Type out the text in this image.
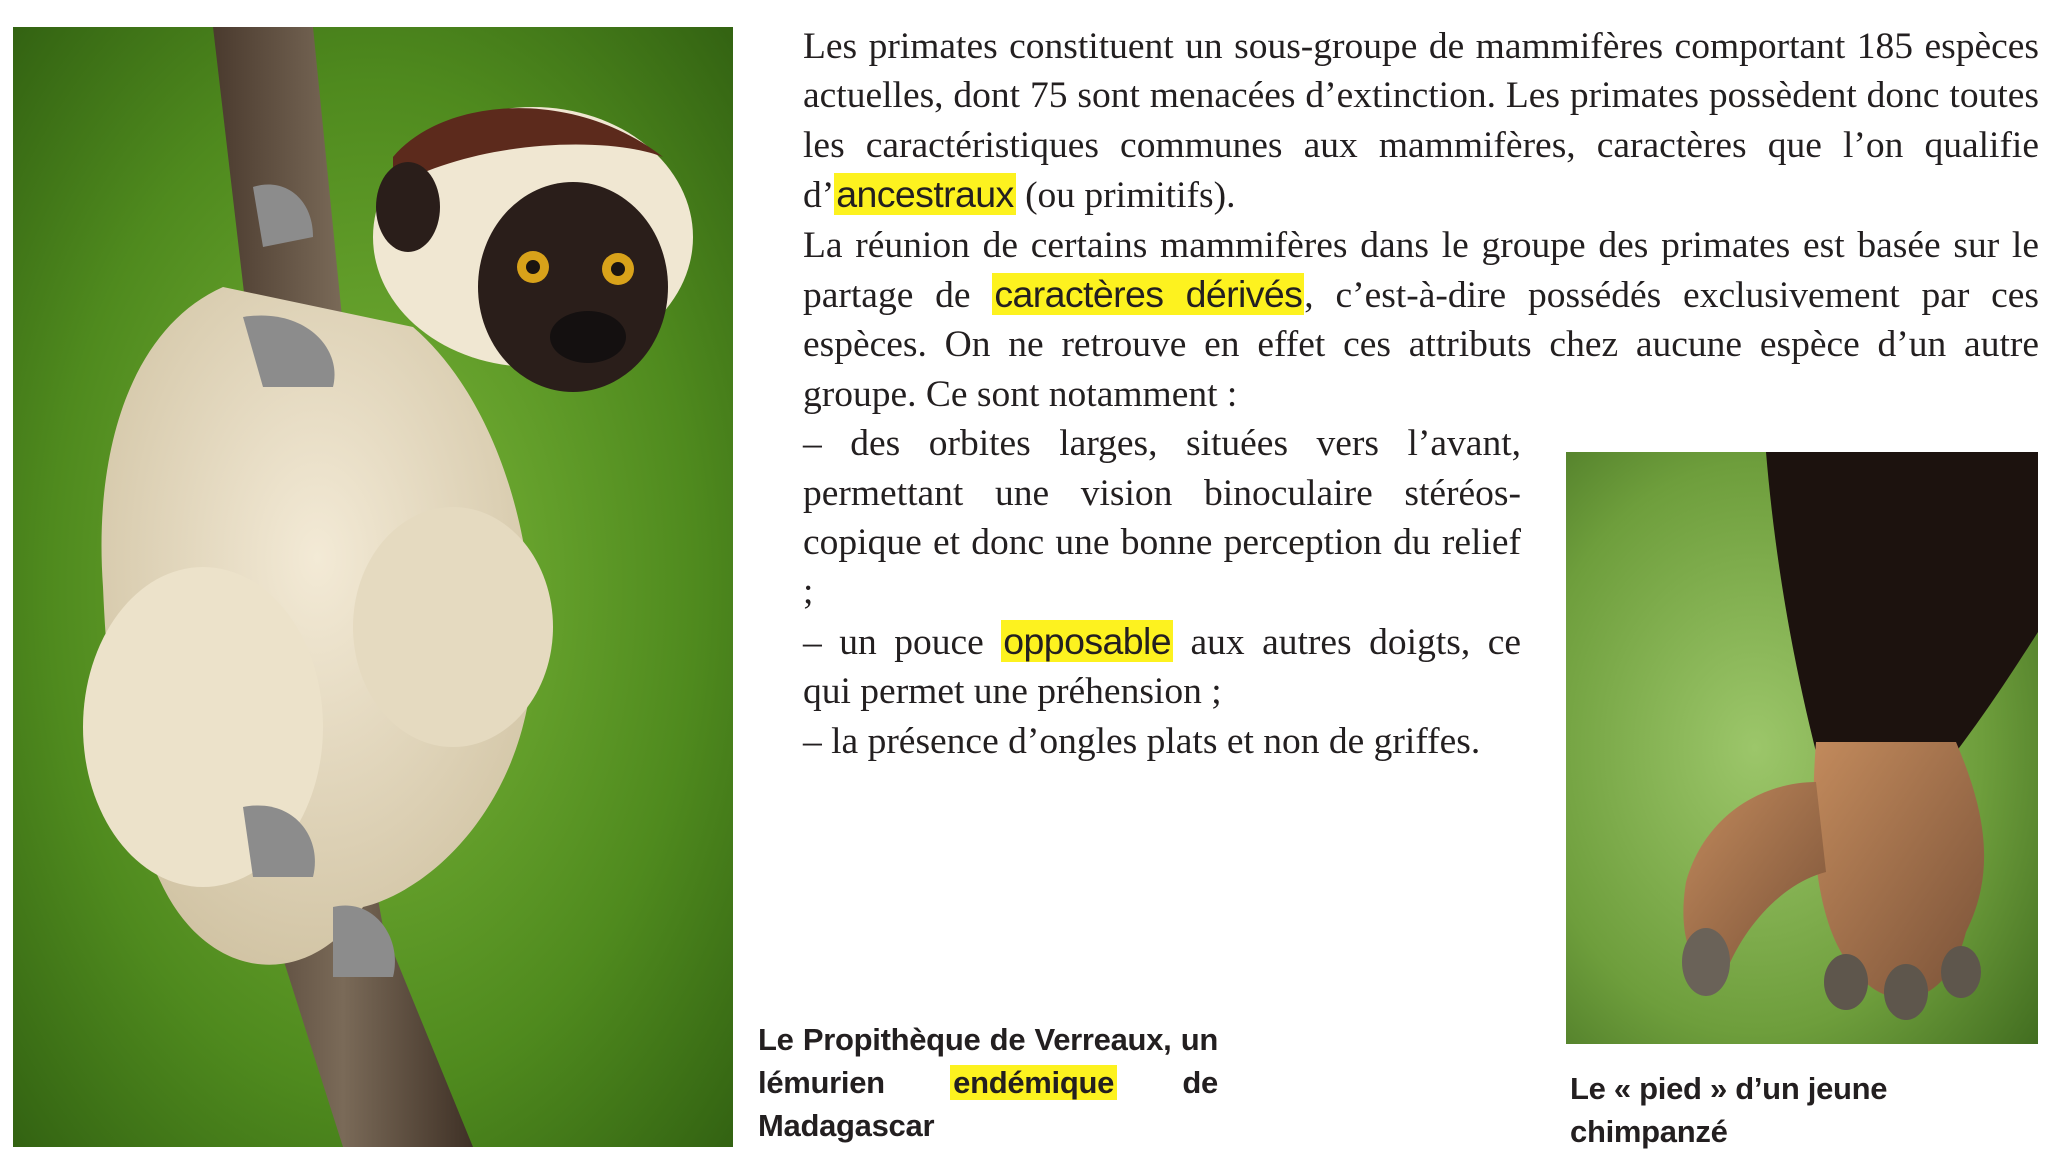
Les primates constituent un sous-groupe de mammifères comportant 185 espèces actuelles, dont 75 sont menacées d’extinction. Les primates possèdent donc toutes les caractéristiques communes aux mammifères, caractères que l’on qualifie d’ancestraux (ou primitifs).

La réunion de certains mammifères dans le groupe des primates est basée sur le partage de caractères dérivés, c’est-à-dire possédés exclusivement par ces espèces. On ne retrouve en effet ces attributs chez aucune espèce d’un autre groupe. Ce sont notamment :

– des orbites larges, situées vers l’avant, permettant une vision binoculaire stéréoscopique et donc une bonne perception du relief ;
– un pouce opposable aux autres doigts, ce qui permet une préhension ;
– la présence d’ongles plats et non de griffes.
Le Propithèque de Verreaux, un lémurien endémique de Madagascar
Le « pied » d’un jeune chimpanzé
